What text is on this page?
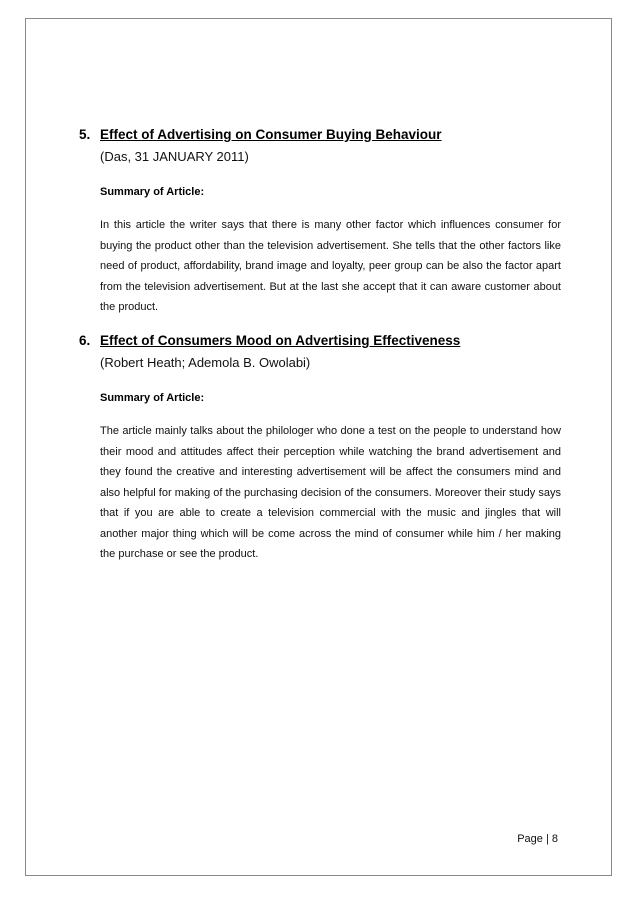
5. Effect of Advertising on Consumer Buying Behaviour
(Das, 31 JANUARY 2011)
Summary of Article:
In this article the writer says that there is many other factor which influences consumer for buying the product other than the television advertisement. She tells that the other factors like need of product, affordability, brand image and loyalty, peer group can be also the factor apart from the television advertisement. But at the last she accept that it can aware customer about the product.
6. Effect of Consumers Mood on Advertising Effectiveness
(Robert Heath; Ademola B. Owolabi)
Summary of Article:
The article mainly talks about the philologer who done a test on the people to understand how their mood and attitudes affect their perception while watching the brand advertisement and they found the creative and interesting advertisement will be affect the consumers mind and also helpful for making of the purchasing decision of the consumers. Moreover their study says that if you are able to create a television commercial with the music and jingles that will another major thing which will be come across the mind of consumer while him / her making the purchase or see the product.
Page | 8
